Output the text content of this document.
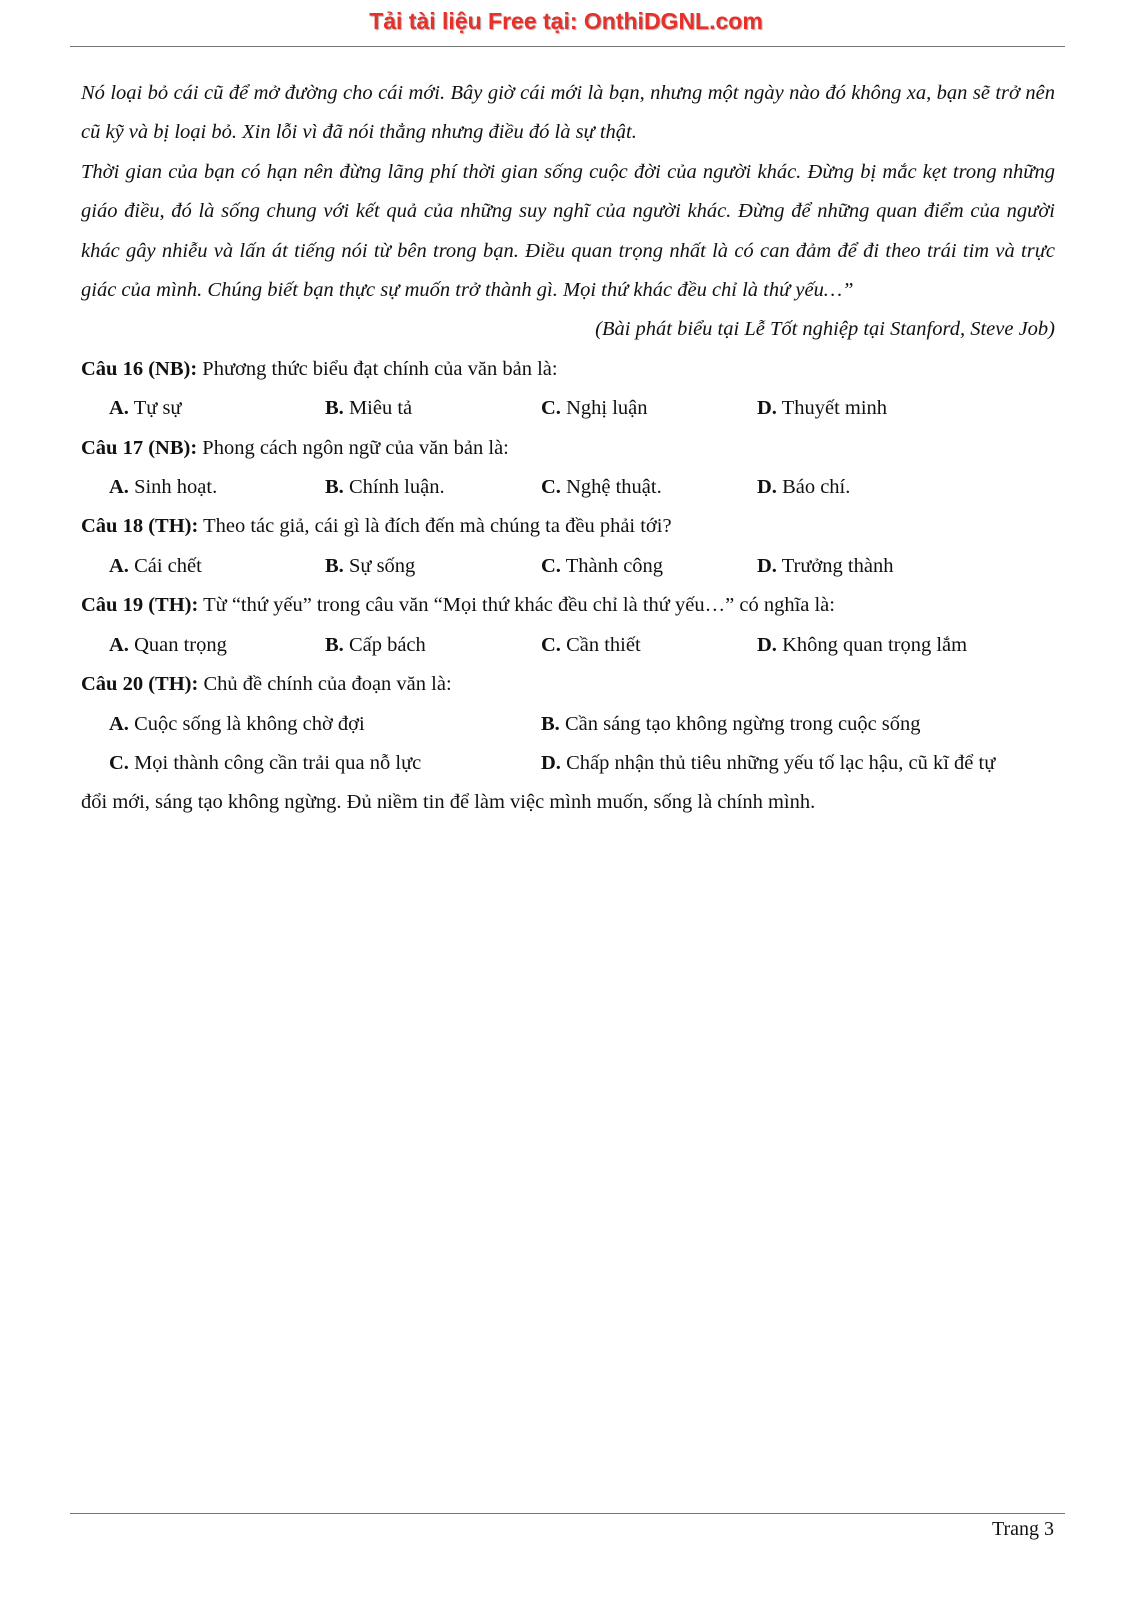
Tải tài liệu Free tại: OnthiDGNL.com

Nó loại bỏ cái cũ để mở đường cho cái mới. Bây giờ cái mới là bạn, nhưng một ngày nào đó không xa, bạn sẽ trở nên cũ kỹ và bị loại bỏ. Xin lỗi vì đã nói thẳng nhưng điều đó là sự thật.

Thời gian của bạn có hạn nên đừng lãng phí thời gian sống cuộc đời của người khác. Đừng bị mắc kẹt trong những giáo điều, đó là sống chung với kết quả của những suy nghĩ của người khác. Đừng để những quan điểm của người khác gây nhiễu và lấn át tiếng nói từ bên trong bạn. Điều quan trọng nhất là có can đảm để đi theo trái tim và trực giác của mình. Chúng biết bạn thực sự muốn trở thành gì. Mọi thứ khác đều chỉ là thứ yếu…”

(Bài phát biểu tại Lễ Tốt nghiệp tại Stanford, Steve Job)

Câu 16 (NB): Phương thức biểu đạt chính của văn bản là:

A. Tự sự	B. Miêu tả	C. Nghị luận	D. Thuyết minh

Câu 17 (NB): Phong cách ngôn ngữ của văn bản là:

A. Sinh hoạt.	B. Chính luận.	C. Nghệ thuật.	D. Báo chí.

Câu 18 (TH): Theo tác giả, cái gì là đích đến mà chúng ta đều phải tới?

A. Cái chết	B. Sự sống	C. Thành công	D. Trưởng thành

Câu 19 (TH): Từ “thứ yếu” trong câu văn “Mọi thứ khác đều chỉ là thứ yếu…” có nghĩa là:

A. Quan trọng	B. Cấp bách	C. Cần thiết	D. Không quan trọng lắm

Câu 20 (TH): Chủ đề chính của đoạn văn là:

A. Cuộc sống là không chờ đợi	B. Cần sáng tạo không ngừng trong cuộc sống
C. Mọi thành công cần trải qua nỗ lực	D. Chấp nhận thủ tiêu những yếu tố lạc hậu, cũ kĩ để tự

đổi mới, sáng tạo không ngừng. Đủ niềm tin để làm việc mình muốn, sống là chính mình.

Trang 3
